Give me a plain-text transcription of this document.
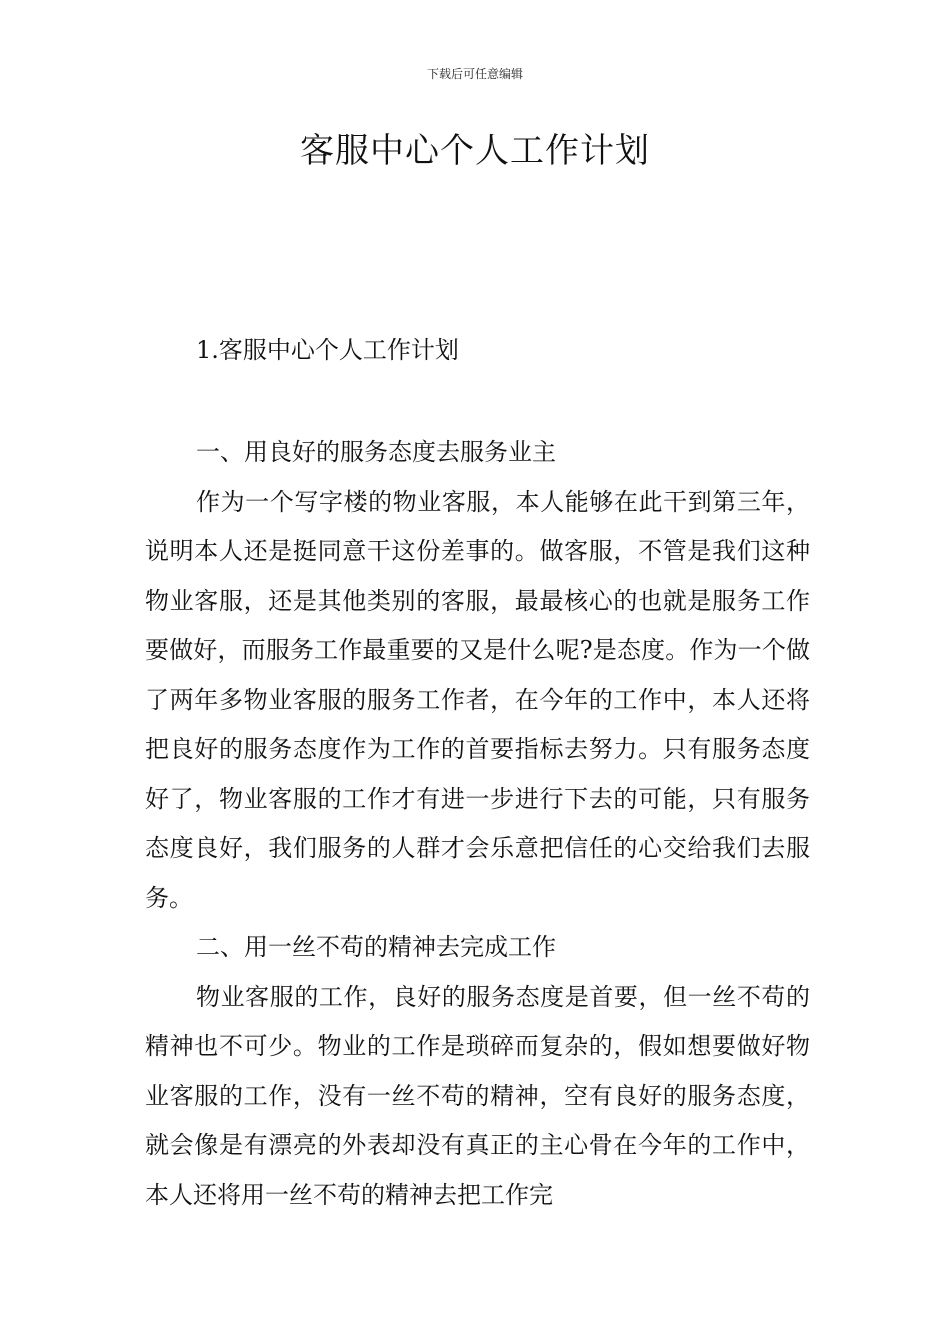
下载后可任意编辑
客服中心个人工作计划
1.客服中心个人工作计划

一、用良好的服务态度去服务业主

作为一个写字楼的物业客服，本人能够在此干到第三年，说明本人还是挺同意干这份差事的。做客服，不管是我们这种物业客服，还是其他类别的客服，最最核心的也就是服务工作要做好，而服务工作最重要的又是什么呢?是态度。作为一个做了两年多物业客服的服务工作者，在今年的工作中，本人还将把良好的服务态度作为工作的首要指标去努力。只有服务态度好了，物业客服的工作才有进一步进行下去的可能，只有服务态度良好，我们服务的人群才会乐意把信任的心交给我们去服务。

二、用一丝不苟的精神去完成工作

物业客服的工作，良好的服务态度是首要，但一丝不苟的精神也不可少。物业的工作是琐碎而复杂的，假如想要做好物业客服的工作，没有一丝不苟的精神，空有良好的服务态度，就会像是有漂亮的外表却没有真正的主心骨在今年的工作中，本人还将用一丝不苟的精神去把工作完
